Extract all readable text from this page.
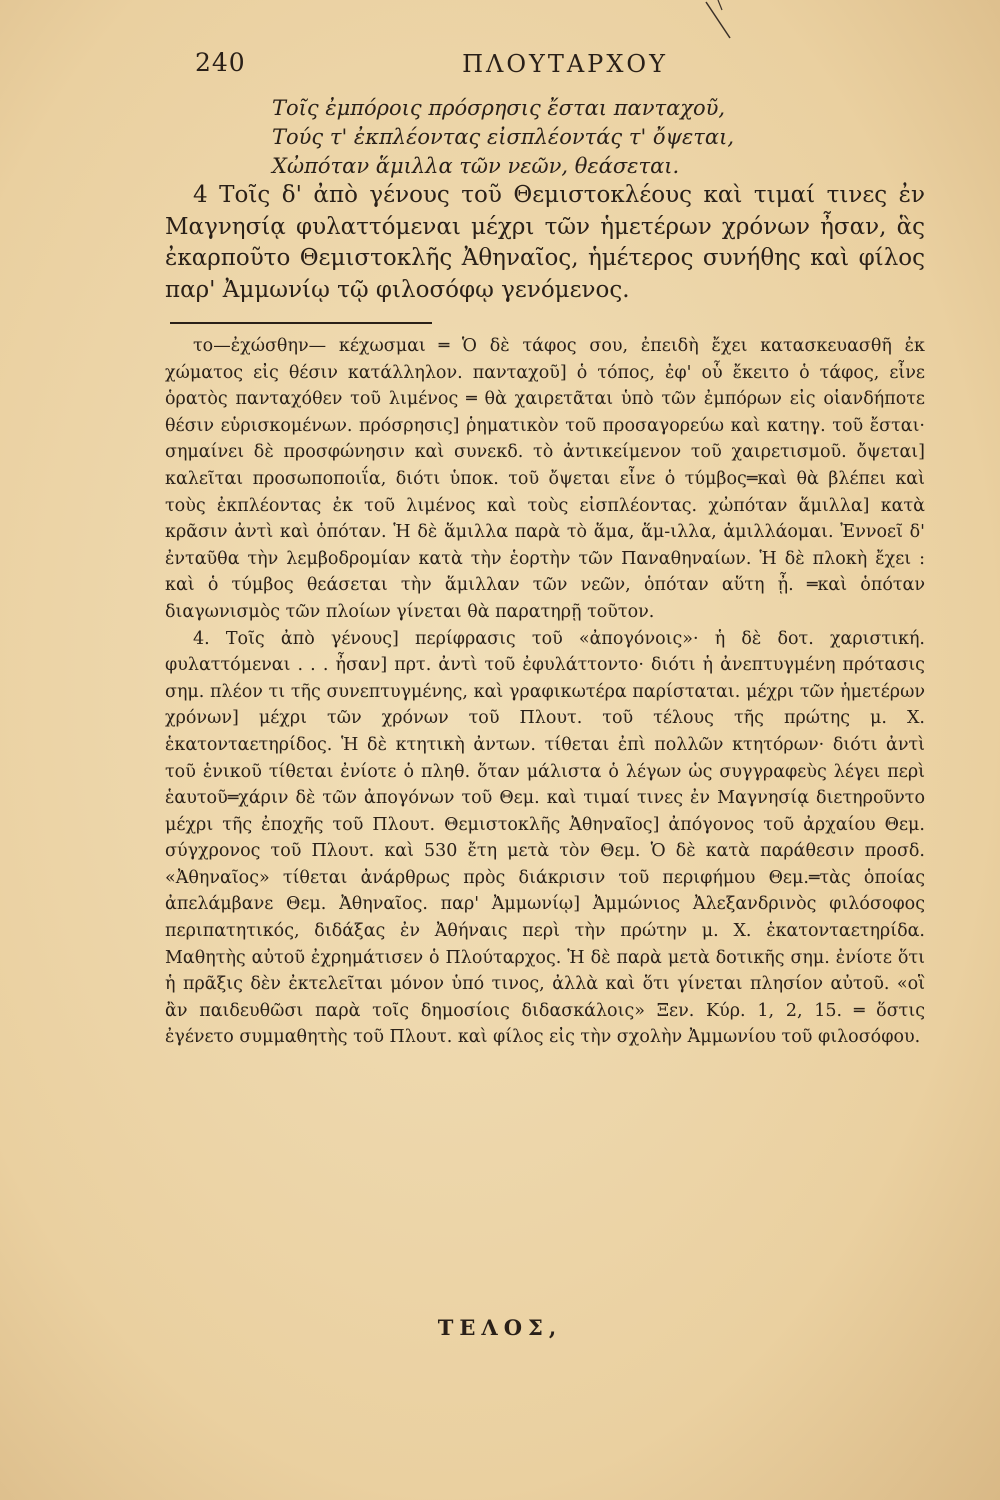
240	ΠΛΟΥΤΑΡΧΟΥ
Τοῖς ἐμπόροις πρόσρησις ἔσται πανταχοῦ,
Τούς τ' ἐκπλέοντας εἰσπλέοντάς τ' ὄψεται,
Χὠπόταν ἅμιλλα τῶν νεῶν, θεάσεται.
4 Τοῖς δ' ἀπὸ γένους τοῦ Θεμιστοκλέους καὶ τιμαί τινες ἐν Μαγνησίᾳ φυλαττόμεναι μέχρι τῶν ἡμετέρων χρόνων ἦσαν, ἃς ἐκαρποῦτο Θεμιστοκλῆς Ἀθηναῖος, ἡμέτερος συνήθης καὶ φίλος παρ' Ἀμμωνίῳ τῷ φιλοσόφῳ γενόμενος.

το—ἐχώσθην— κέχωσμαι ═ Ὁ δὲ τάφος σου, ἐπειδὴ ἔχει κατασκευασθῆ ἐκ χώματος εἰς θέσιν κατάλληλον. πανταχοῦ] ὁ τόπος, ἐφ' οὗ ἔκειτο ὁ τάφος, εἶνε ὁρατὸς πανταχόθεν τοῦ λιμένος ═ θὰ χαιρετᾶται ὑπὸ τῶν ἐμπόρων εἰς οἱανδήποτε θέσιν εὑρισκομένων. πρόσρησις] ῥηματικὸν τοῦ προσαγορεύω καὶ κατηγ. τοῦ ἔσται· σημαίνει δὲ προσφώνησιν καὶ συνεκδ. τὸ ἀντικείμενον τοῦ χαιρετισμοῦ. ὄψεται] καλεῖται προσωποποιΐα, διότι ὑποκ. τοῦ ὄψεται εἶνε ὁ τύμβος═καὶ θὰ βλέπει καὶ τοὺς ἐκπλέοντας ἐκ τοῦ λιμένος καὶ τοὺς εἰσπλέοντας. χὠπόταν ἅμιλλα] κατὰ κρᾶσιν ἀντὶ καὶ ὁπόταν. Ἡ δὲ ἅμιλλα παρὰ τὸ ἅμα, ἅμ-ιλλα, ἁμιλλάομαι. Ἐννοεῖ δ' ἐνταῦθα τὴν λεμβοδρομίαν κατὰ τὴν ἑορτὴν τῶν Παναθηναίων. Ἡ δὲ πλοκὴ ἔχει : καὶ ὁ τύμβος θεάσεται τὴν ἅμιλλαν τῶν νεῶν, ὁπόταν αὕτη ᾖ. ═καὶ ὁπόταν διαγωνισμὸς τῶν πλοίων γίνεται θὰ παρατηρῇ τοῦτον.

4. Τοῖς ἀπὸ γένους] περίφρασις τοῦ «ἀπογόνοις»· ἡ δὲ δοτ. χαριστική. φυλαττόμεναι . . . ἦσαν] πρτ. ἀντὶ τοῦ ἐφυλάττοντο· διότι ἡ ἀνεπτυγμένη πρότασις σημ. πλέον τι τῆς συνεπτυγμένης, καὶ γραφικωτέρα παρίσταται. μέχρι τῶν ἡμετέρων χρόνων] μέχρι τῶν χρόνων τοῦ Πλουτ. τοῦ τέλους τῆς πρώτης μ. Χ. ἑκατονταετηρίδος. Ἡ δὲ κτητικὴ ἀντων. τίθεται ἐπὶ πολλῶν κτητόρων· διότι ἀντὶ τοῦ ἑνικοῦ τίθεται ἐνίοτε ὁ πληθ. ὅταν μάλιστα ὁ λέγων ὡς συγγραφεὺς λέγει περὶ ἑαυτοῦ═χάριν δὲ τῶν ἀπογόνων τοῦ Θεμ. καὶ τιμαί τινες ἐν Μαγνησίᾳ διετηροῦντο μέχρι τῆς ἐποχῆς τοῦ Πλουτ. Θεμιστοκλῆς Ἀθηναῖος] ἀπόγονος τοῦ ἀρχαίου Θεμ. σύγχρονος τοῦ Πλουτ. καὶ 530 ἔτη μετὰ τὸν Θεμ. Ὁ δὲ κατὰ παράθεσιν προσδ. «Ἀθηναῖος» τίθεται ἀνάρθρως πρὸς διάκρισιν τοῦ περιφήμου Θεμ.═τὰς ὁποίας ἀπελάμβανε Θεμ. Ἀθηναῖος. παρ' Ἀμμωνίῳ] Ἀμμώνιος Ἀλεξανδρινὸς φιλόσοφος περιπατητικός, διδάξας ἐν Ἀθήναις περὶ τὴν πρώτην μ. Χ. ἑκατονταετηρίδα. Μαθητὴς αὐτοῦ ἐχρημάτισεν ὁ Πλούταρχος. Ἡ δὲ παρὰ μετὰ δοτικῆς σημ. ἐνίοτε ὅτι ἡ πρᾶξις δὲν ἐκτελεῖται μόνον ὑπό τινος, ἀλλὰ καὶ ὅτι γίνεται πλησίον αὐτοῦ. «οἳ ἂν παιδευθῶσι παρὰ τοῖς δημοσίοις διδασκάλοις» Ξεν. Κύρ. 1, 2, 15. ═ ὅστις ἐγένετο συμμαθητὴς τοῦ Πλουτ. καὶ φίλος εἰς τὴν σχολὴν Ἀμμωνίου τοῦ φιλοσόφου.

ΤΕΛΟΣ,
